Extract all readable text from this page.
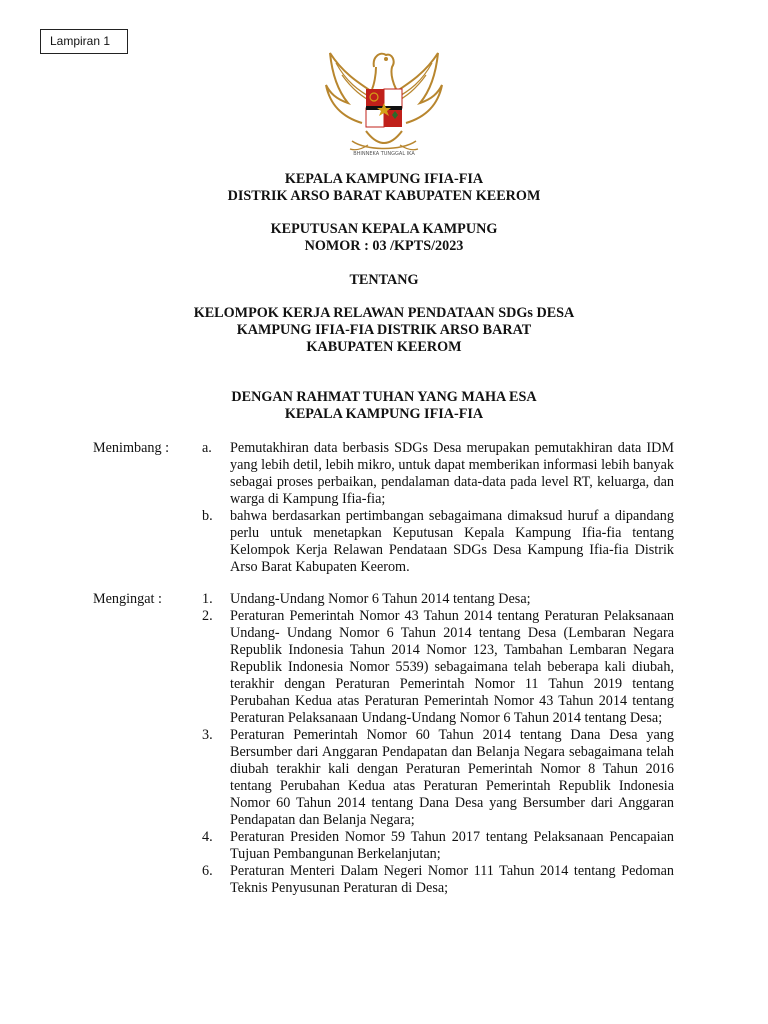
Lampiran 1
BHINNEKA TUNGGAL IKA
KEPALA KAMPUNG IFIA-FIA
DISTRIK ARSO BARAT KABUPATEN KEEROM
KEPUTUSAN KEPALA KAMPUNG
NOMOR : 03 /KPTS/2023
TENTANG
KELOMPOK KERJA RELAWAN PENDATAAN SDGs DESA
KAMPUNG IFIA-FIA DISTRIK ARSO BARAT
KABUPATEN KEEROM
DENGAN RAHMAT TUHAN YANG MAHA ESA
KEPALA KAMPUNG IFIA-FIA
Menimbang : a. Pemutakhiran data berbasis SDGs Desa merupakan pemutakhiran data IDM yang lebih detil, lebih mikro, untuk dapat memberikan informasi lebih banyak sebagai proses perbaikan, pendalaman data-data pada level RT, keluarga, dan warga di Kampung Ifia-fia;
b. bahwa berdasarkan pertimbangan sebagaimana dimaksud huruf a dipandang perlu untuk menetapkan Keputusan Kepala Kampung Ifia-fia tentang Kelompok Kerja Relawan Pendataan SDGs Desa Kampung Ifia-fia Distrik Arso Barat Kabupaten Keerom.
Mengingat :	1. Undang-Undang Nomor 6 Tahun 2014 tentang Desa;
2. Peraturan Pemerintah Nomor 43 Tahun 2014 tentang Peraturan Pelaksanaan Undang- Undang Nomor 6 Tahun 2014 tentang Desa (Lembaran Negara Republik Indonesia Tahun 2014 Nomor 123, Tambahan Lembaran Negara Republik Indonesia Nomor 5539) sebagaimana telah beberapa kali diubah, terakhir dengan Peraturan Pemerintah Nomor 11 Tahun 2019 tentang Perubahan Kedua atas Peraturan Pemerintah Nomor 43 Tahun 2014 tentang Peraturan Pelaksanaan Undang-Undang Nomor 6 Tahun 2014 tentang Desa;
3. Peraturan Pemerintah Nomor 60 Tahun 2014 tentang Dana Desa yang Bersumber dari Anggaran Pendapatan dan Belanja Negara sebagaimana telah diubah terakhir kali dengan Peraturan Pemerintah Nomor 8 Tahun 2016 tentang Perubahan Kedua atas Peraturan Pemerintah Republik Indonesia Nomor 60 Tahun 2014 tentang Dana Desa yang Bersumber dari Anggaran Pendapatan dan Belanja Negara;
4. Peraturan Presiden Nomor 59 Tahun 2017 tentang Pelaksanaan Pencapaian Tujuan Pembangunan Berkelanjutan;
6. Peraturan Menteri Dalam Negeri Nomor 111 Tahun 2014 tentang Pedoman Teknis Penyusunan Peraturan di Desa;
